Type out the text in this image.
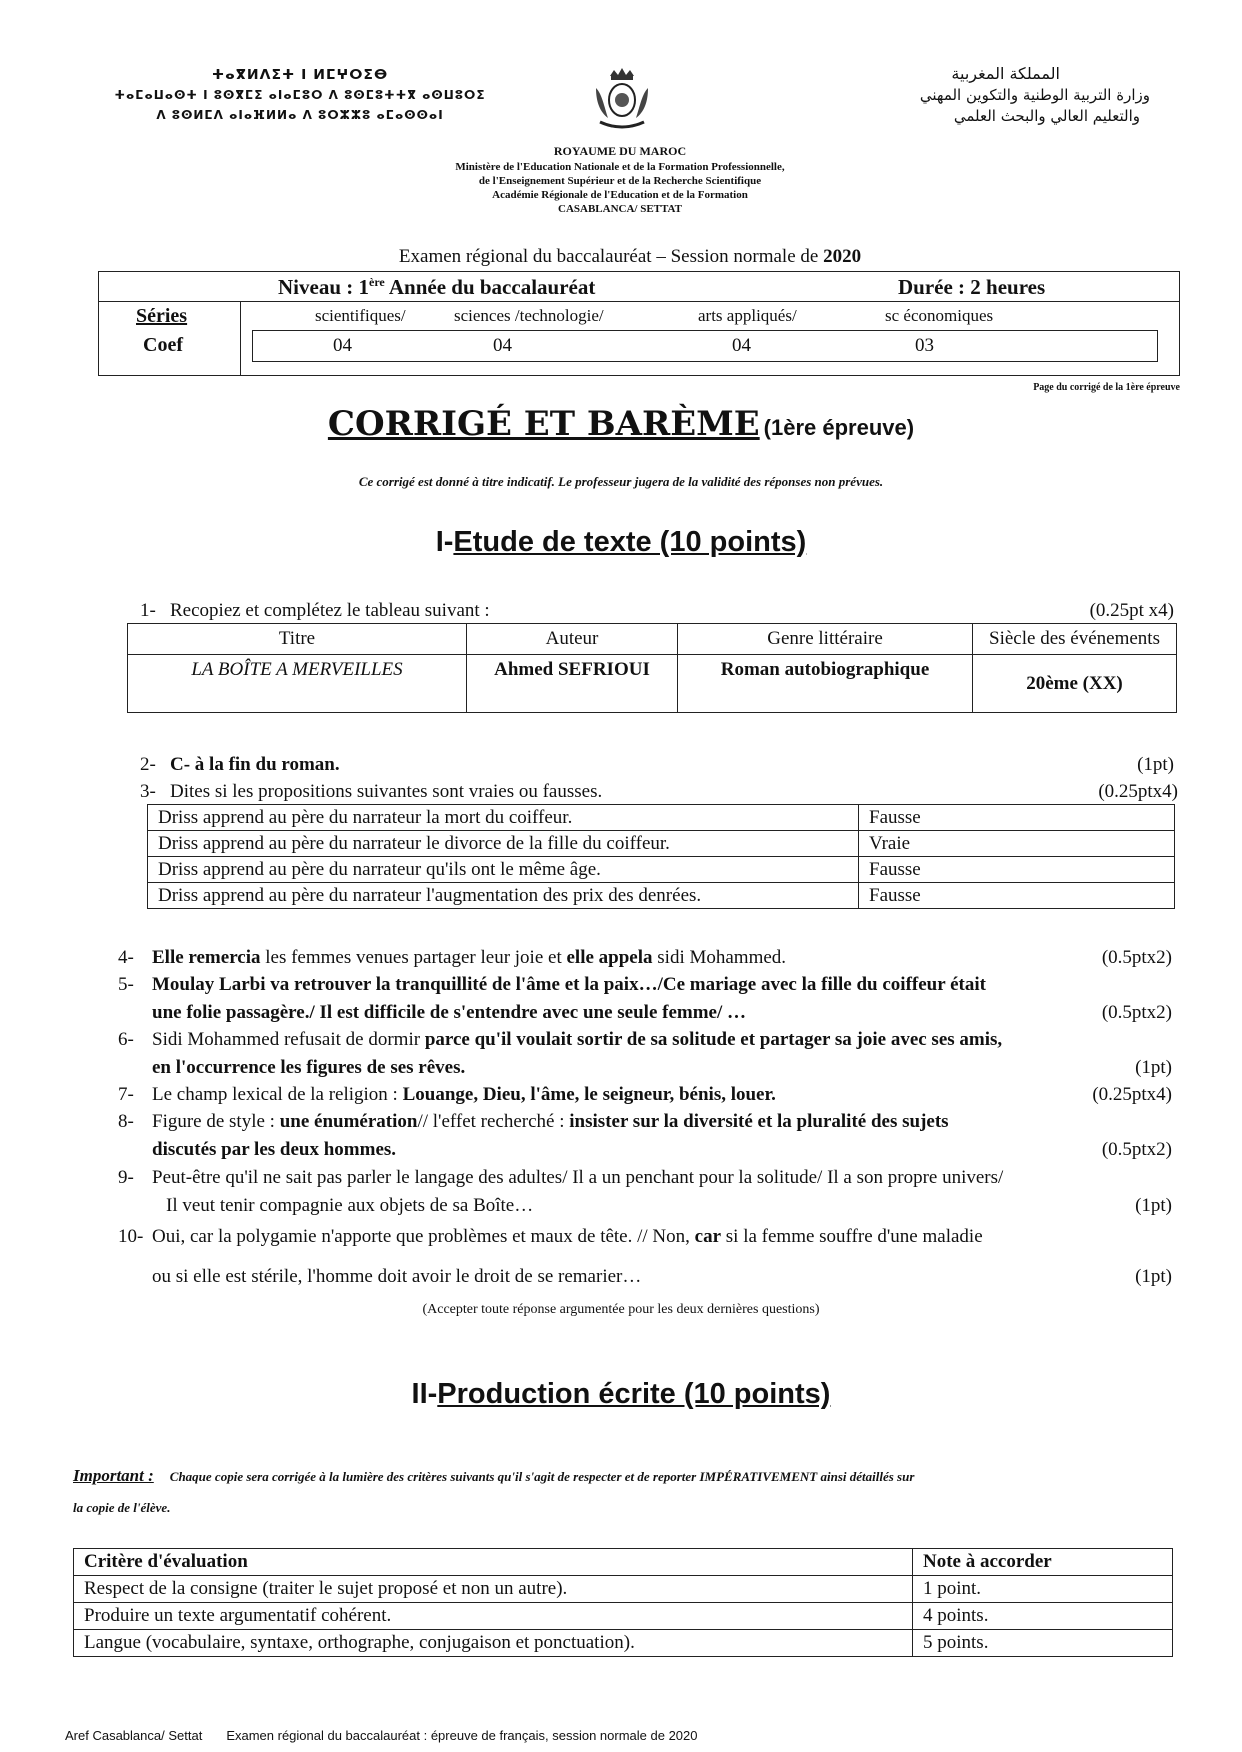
ⵜⴰⴳⵍⴷⵉⵜ ⵏ ⵍⵎⵖⵔⵉⴱ
ⵜⴰⵎⴰⵡⴰⵙⵜ ⵏ ⵓⵙⴳⵎⵉ ⴰⵏⴰⵎⵓⵔ ⴷ ⵓⵙⵎⵓⵜⵜⴳ ⴰⵙⵡⵓⵔⵉ
ⴷ ⵓⵙⵍⵎⴷ ⴰⵏⴰⴼⵍⵍⴰ ⴷ ⵓⵔⵣⵣⵓ ⴰⵎⴰⵙⵙⴰⵏ
المملكة المغربية
وزارة التربية الوطنية والتكوين المهني
والتعليم العالي والبحث العلمي
ROYAUME DU MAROC
Ministère de l'Education Nationale et de la Formation Professionnelle,
de l'Enseignement Supérieur et de la Recherche Scientifique
Académie Régionale de l'Education et de la Formation
CASABLANCA/ SETTAT
Examen régional du baccalauréat – Session normale de 2020
Niveau : 1ère Année du baccalauréat	Durée : 2 heures
Séries
Coef
scientifiques/	sciences /technologie/	arts appliqués/	sc économiques
04	04	04	03
Page du corrigé de la 1ère épreuve
CORRIGÉ ET BARÈME (1ère épreuve)
Ce corrigé est donné à titre indicatif. Le professeur jugera de la validité des réponses non prévues.
I-Etude de texte (10 points)
1- Recopiez et complétez le tableau suivant :	(0.25pt x4)
Titre	Auteur	Genre littéraire	Siècle des événements
LA BOÎTE A MERVEILLES	Ahmed SEFRIOUI	Roman autobiographique	20ème (XX)
2- C- à la fin du roman.	(1pt)
3- Dites si les propositions suivantes sont vraies ou fausses.	(0.25ptx4)
Driss apprend au père du narrateur la mort du coiffeur.	Fausse
Driss apprend au père du narrateur le divorce de la fille du coiffeur.	Vraie
Driss apprend au père du narrateur qu'ils ont le même âge.	Fausse
Driss apprend au père du narrateur l'augmentation des prix des denrées.	Fausse
4- Elle remercia les femmes venues partager leur joie et elle appela sidi Mohammed.	(0.5ptx2)
5- Moulay Larbi va retrouver la tranquillité de l'âme et la paix…/Ce mariage avec la fille du coiffeur était
une folie passagère./ Il est difficile de s'entendre avec une seule femme/ …	(0.5ptx2)
6- Sidi Mohammed refusait de dormir parce qu'il voulait sortir de sa solitude et partager sa joie avec ses amis,
en l'occurrence les figures de ses rêves.	(1pt)
7- Le champ lexical de la religion : Louange, Dieu, l'âme, le seigneur, bénis, louer.	(0.25ptx4)
8- Figure de style : une énumération// l'effet recherché : insister sur la diversité et la pluralité des sujets
discutés par les deux hommes.	(0.5ptx2)
9- Peut-être qu'il ne sait pas parler le langage des adultes/ Il a un penchant pour la solitude/ Il a son propre univers/
Il veut tenir compagnie aux objets de sa Boîte…	(1pt)
10- Oui, car la polygamie n'apporte que problèmes et maux de tête. // Non, car si la femme souffre d'une maladie
ou si elle est stérile, l'homme doit avoir le droit de se remarier…	(1pt)
(Accepter toute réponse argumentée pour les deux dernières questions)
II-Production écrite (10 points)
Important : Chaque copie sera corrigée à la lumière des critères suivants qu'il s'agit de respecter et de reporter IMPÉRATIVEMENT ainsi détaillés sur
la copie de l'élève.
Critère d'évaluation	Note à accorder
Respect de la consigne (traiter le sujet proposé et non un autre).	1 point.
Produire un texte argumentatif cohérent.	4 points.
Langue (vocabulaire, syntaxe, orthographe, conjugaison et ponctuation).	5 points.
Aref Casablanca/ Settat Examen régional du baccalauréat : épreuve de français, session normale de 2020
